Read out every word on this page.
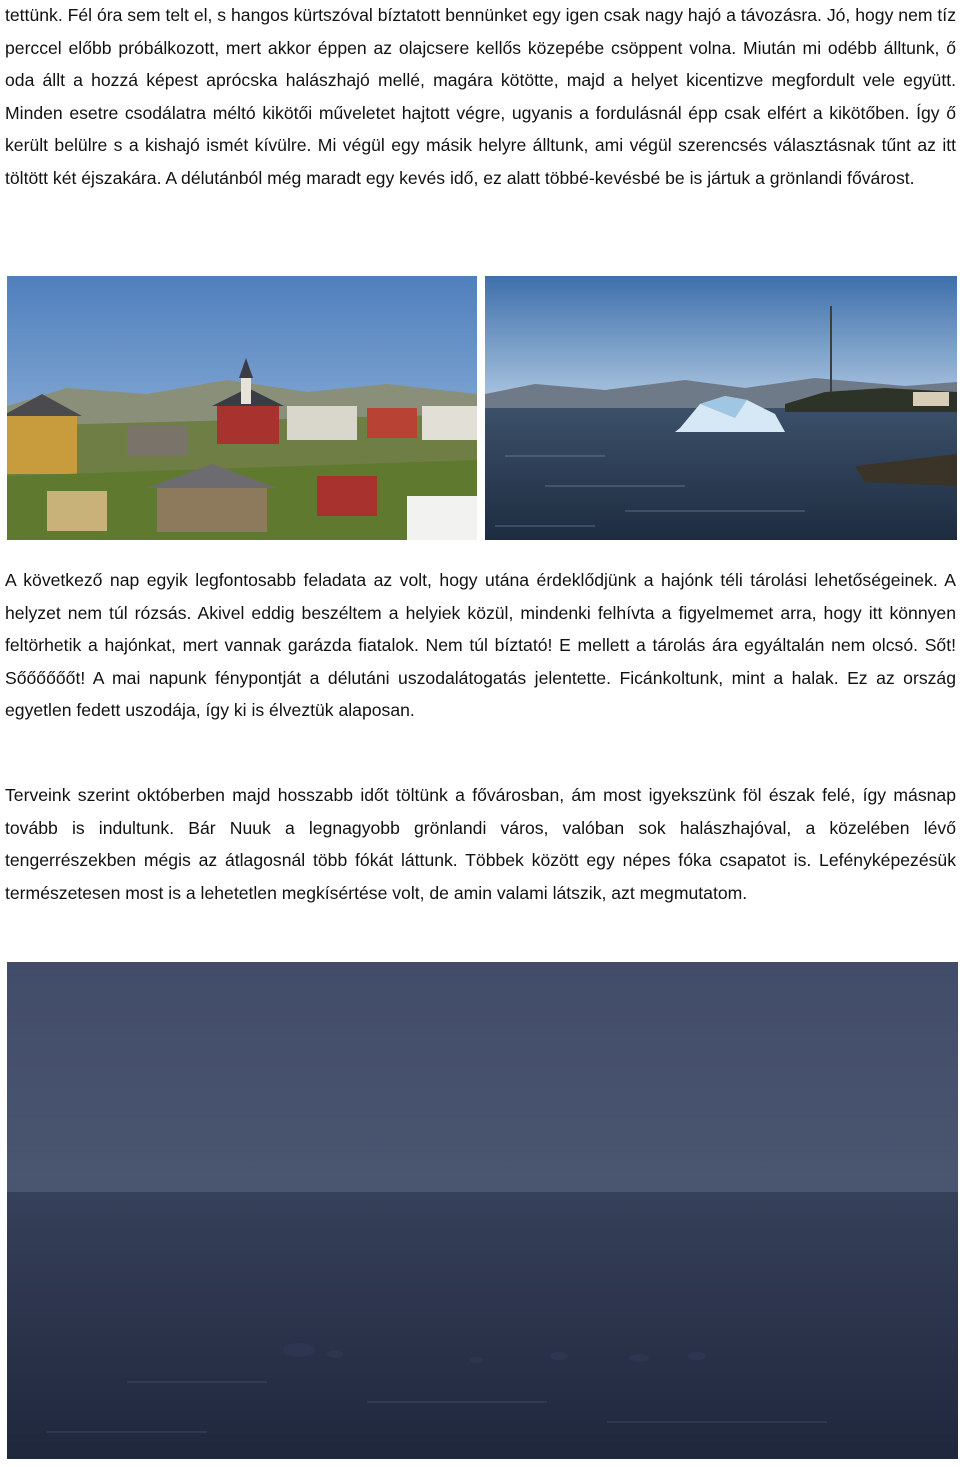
tettünk. Fél óra sem telt el, s hangos kürtszóval bíztatott bennünket egy igen csak nagy hajó a távozásra. Jó, hogy nem tíz perccel előbb próbálkozott, mert akkor éppen az olajcsere kellős közepébe csöppent volna. Miután mi odébb álltunk, ő oda állt a hozzá képest aprócska halászhajó mellé, magára kötötte, majd a helyet kicentizve megfordult vele együtt. Minden esetre csodálatra méltó kikötői műveletet hajtott végre, ugyanis a fordulásnál épp csak elfért a kikötőben. Így ő került belülre s a kishajó ismét kívülre. Mi végül egy másik helyre álltunk, ami végül szerencsés választásnak tűnt az itt töltött két éjszakára. A délutánból még maradt egy kevés idő, ez alatt többé-kevésbé be is jártuk a grönlandi fővárost.

A következő nap egyik legfontosabb feladata az volt, hogy utána érdeklődjünk a hajónk téli tárolási lehetőségeinek. A helyzet nem túl rózsás. Akivel eddig beszéltem a helyiek közül, mindenki felhívta a figyelmemet arra, hogy itt könnyen feltörhetik a hajónkat, mert vannak garázda fiatalok. Nem túl bíztató! E mellett a tárolás ára egyáltalán nem olcsó. Sőt! Sőőőőőőt! A mai napunk fénypontját a délutáni uszodalátogatás jelentette. Ficánkoltunk, mint a halak. Ez az ország egyetlen fedett uszodája, így ki is élveztük alaposan.

Terveink szerint októberben majd hosszabb időt töltünk a fővárosban, ám most igyekszünk föl észak felé, így másnap tovább is indultunk. Bár Nuuk a legnagyobb grönlandi város, valóban sok halászhajóval, a közelében lévő tengerrészekben mégis az átlagosnál több fókát láttunk. Többek között egy népes fóka csapatot is. Lefényképezésük természetesen most is a lehetetlen megkísértése volt, de amin valami látszik, azt megmutatom.
